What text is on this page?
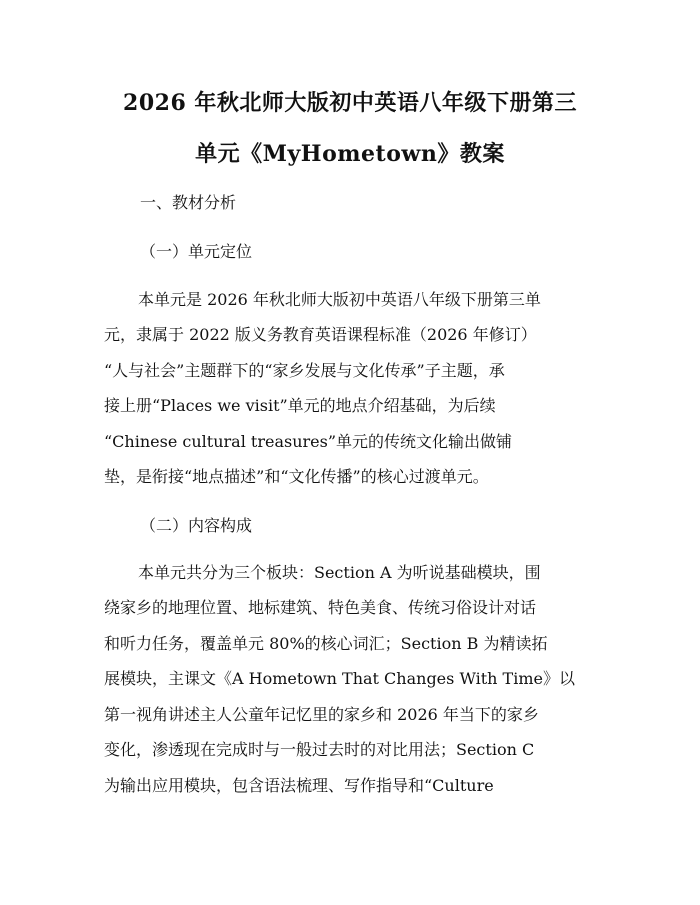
2026 年秋北师大版初中英语八年级下册第三
单元《MyHometown》教案
一、教材分析
（一）单元定位
本单元是 2026 年秋北师大版初中英语八年级下册第三单
元，隶属于 2022 版义务教育英语课程标准（2026 年修订）
“人与社会”主题群下的“家乡发展与文化传承”子主题，承
接上册“Places we visit”单元的地点介绍基础，为后续
“Chinese cultural treasures”单元的传统文化输出做铺
垫，是衔接“地点描述”和“文化传播”的核心过渡单元。
（二）内容构成
本单元共分为三个板块：Section A 为听说基础模块，围
绕家乡的地理位置、地标建筑、特色美食、传统习俗设计对话
和听力任务，覆盖单元 80%的核心词汇；Section B 为精读拓
展模块，主课文《A Hometown That Changes With Time》以
第一视角讲述主人公童年记忆里的家乡和 2026 年当下的家乡
变化，渗透现在完成时与一般过去时的对比用法；Section C
为输出应用模块，包含语法梳理、写作指导和“Culture
